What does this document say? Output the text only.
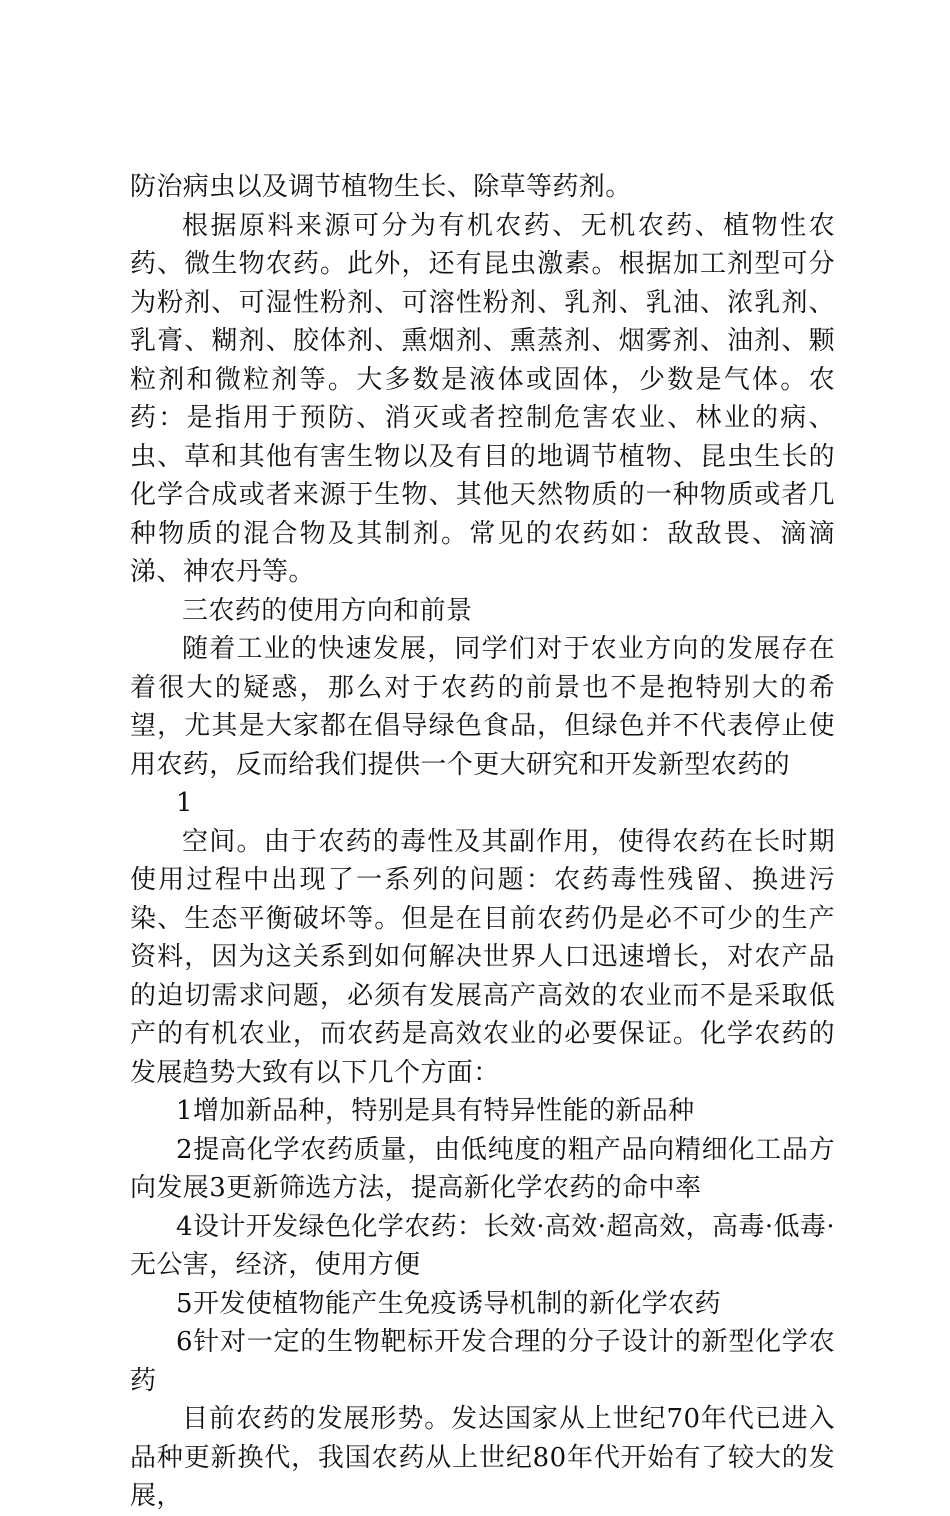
防治病虫以及调节植物生长、除草等药剂。

根据原料来源可分为有机农药、无机农药、植物性农药、微生物农药。此外，还有昆虫激素。根据加工剂型可分为粉剂、可湿性粉剂、可溶性粉剂、乳剂、乳油、浓乳剂、乳膏、糊剂、胶体剂、熏烟剂、熏蒸剂、烟雾剂、油剂、颗粒剂和微粒剂等。大多数是液体或固体，少数是气体。农药：是指用于预防、消灭或者控制危害农业、林业的病、虫、草和其他有害生物以及有目的地调节植物、昆虫生长的化学合成或者来源于生物、其他天然物质的一种物质或者几种物质的混合物及其制剂。常见的农药如：敌敌畏、滴滴涕、神农丹等。

三农药的使用方向和前景

随着工业的快速发展，同学们对于农业方向的发展存在着很大的疑惑，那么对于农药的前景也不是抱特别大的希望，尤其是大家都在倡导绿色食品，但绿色并不代表停止使用农药，反而给我们提供一个更大研究和开发新型农药的

1

空间。由于农药的毒性及其副作用，使得农药在长时期使用过程中出现了一系列的问题：农药毒性残留、换进污染、生态平衡破坏等。但是在目前农药仍是必不可少的生产资料，因为这关系到如何解决世界人口迅速增长，对农产品的迫切需求问题，必须有发展高产高效的农业而不是采取低产的有机农业，而农药是高效农业的必要保证。化学农药的发展趋势大致有以下几个方面：

1增加新品种，特别是具有特异性能的新品种

2提高化学农药质量，由低纯度的粗产品向精细化工品方向发展3更新筛选方法，提高新化学农药的命中率

4设计开发绿色化学农药：长效·高效·超高效，高毒·低毒·无公害，经济，使用方便

5开发使植物能产生免疫诱导机制的新化学农药

6针对一定的生物靶标开发合理的分子设计的新型化学农药

目前农药的发展形势。发达国家从上世纪70年代已进入品种更新换代，我国农药从上世纪80年代开始有了较大的发展，
